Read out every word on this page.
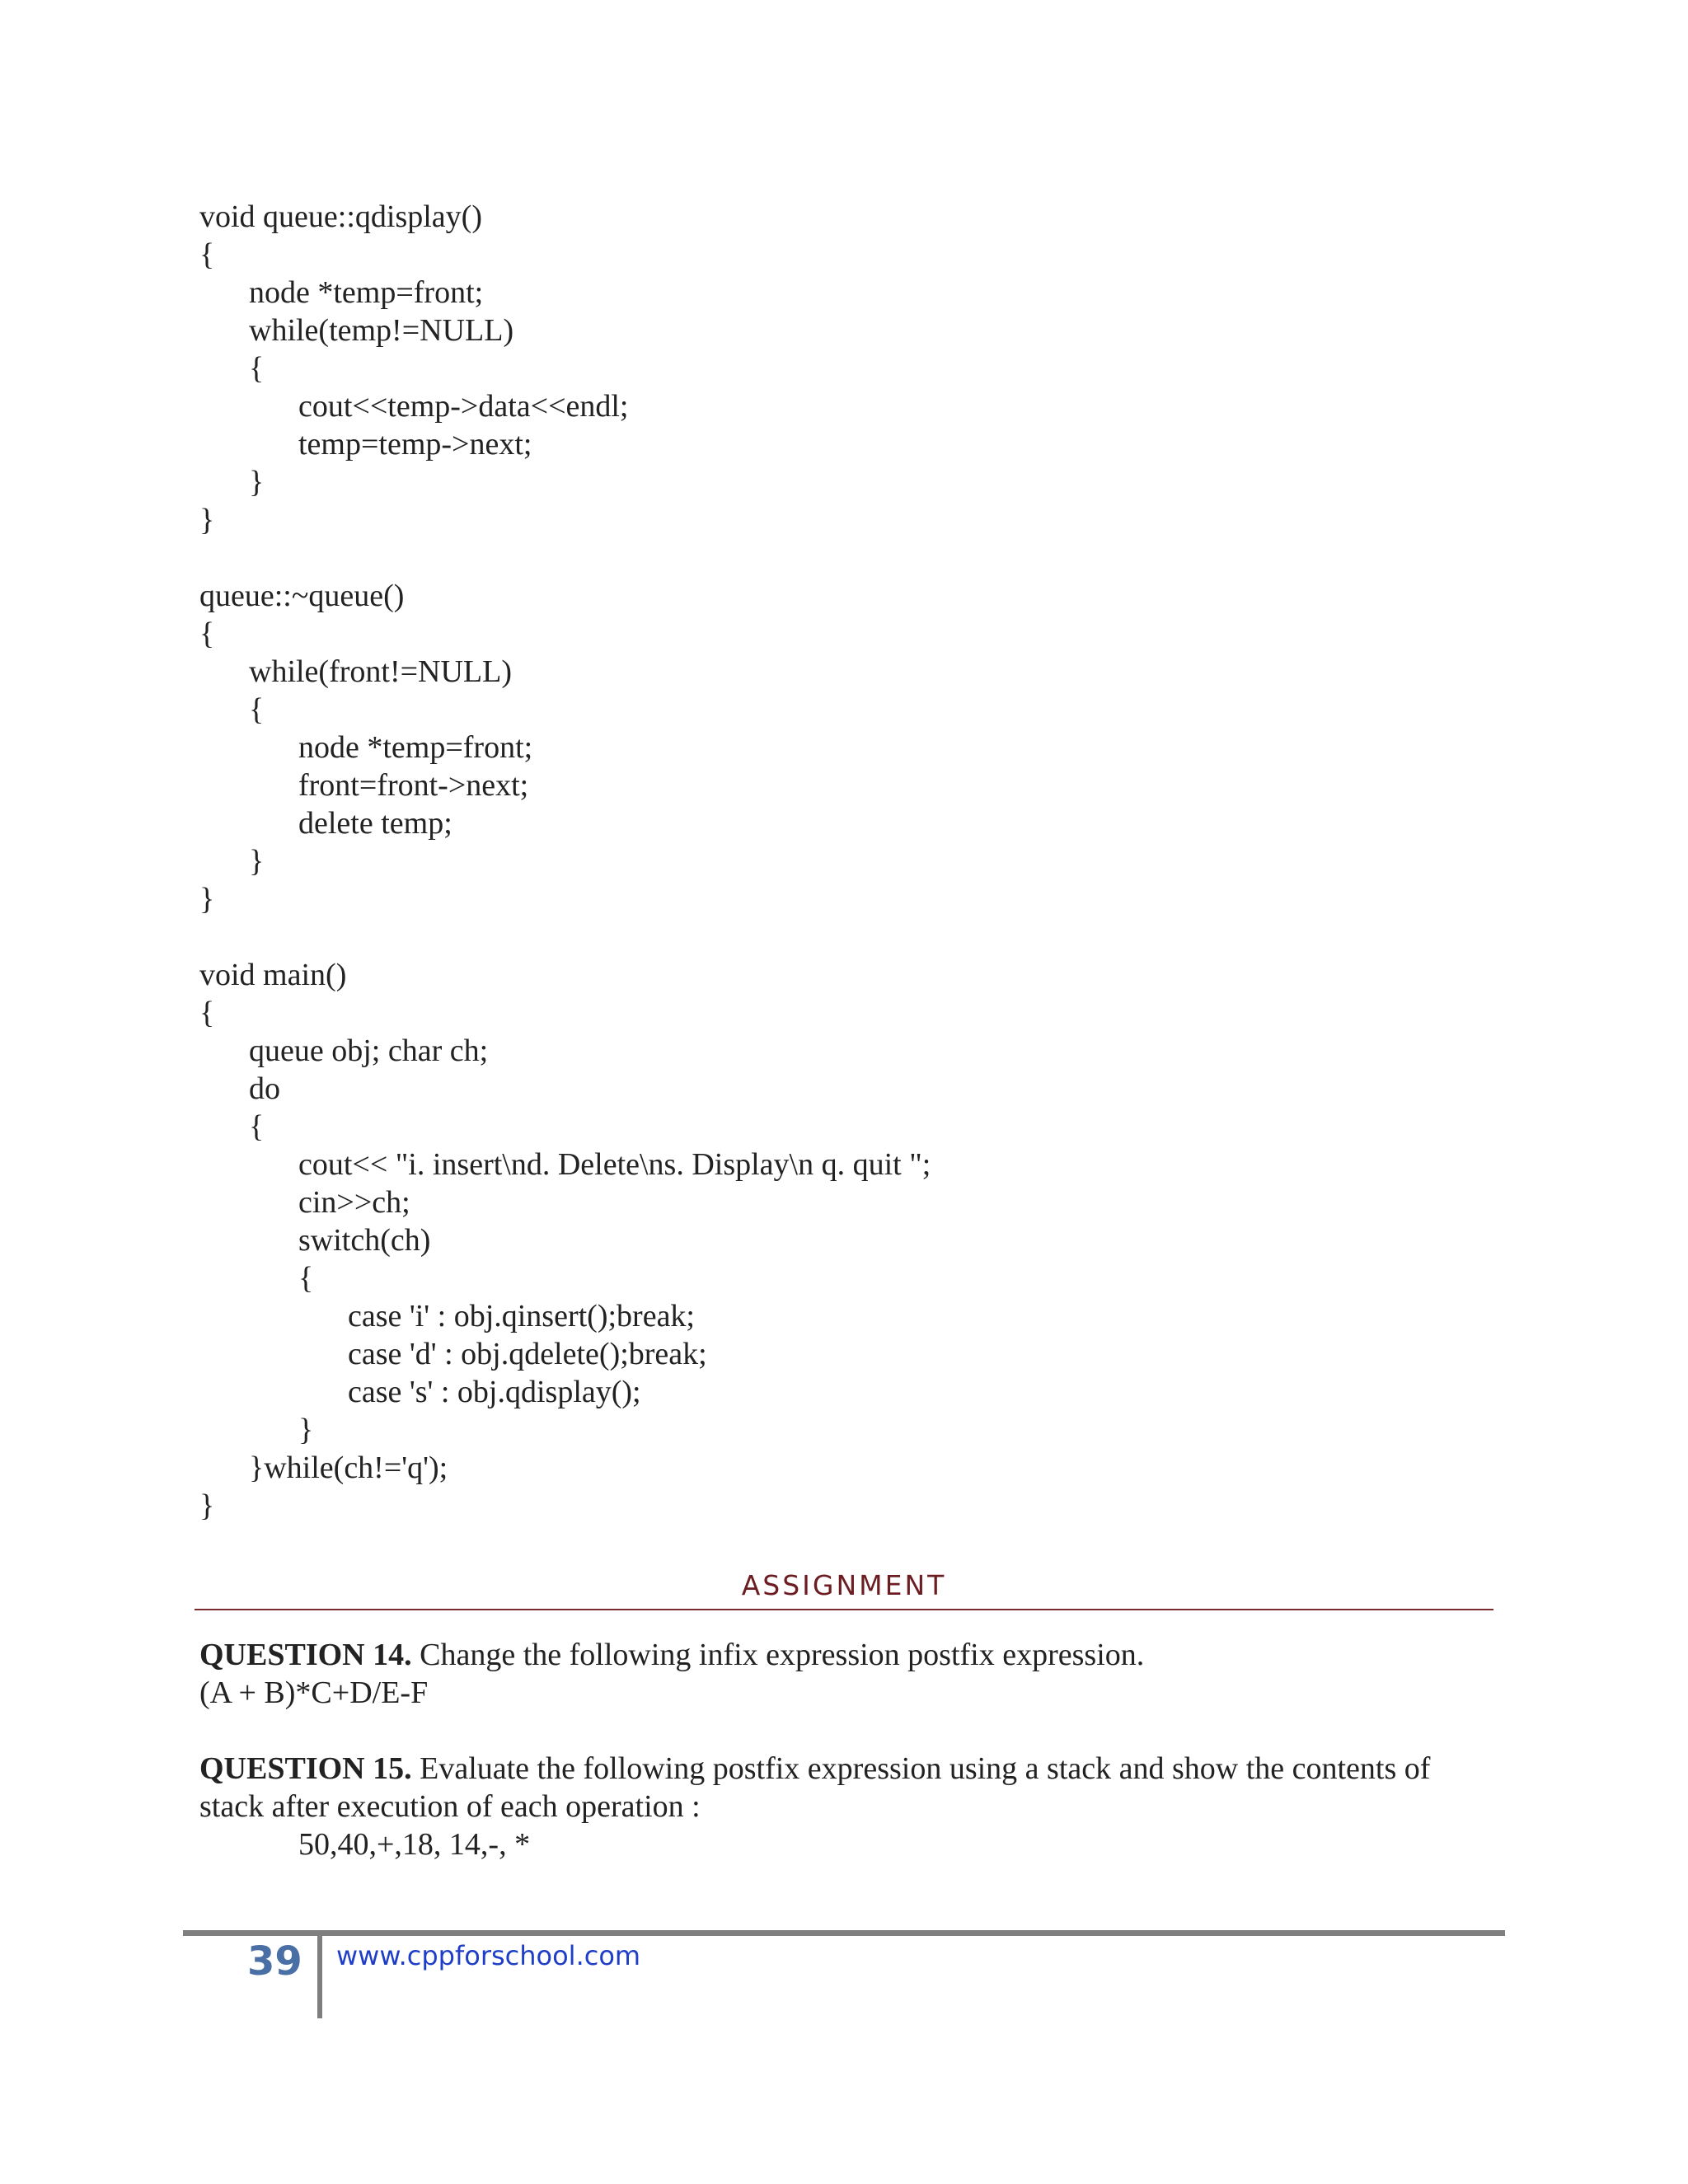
void queue::qdisplay()
{
node *temp=front;
while(temp!=NULL)
{
cout<<temp->data<<endl;
temp=temp->next;
}
}
queue::~queue()
{
while(front!=NULL)
{
node *temp=front;
front=front->next;
delete temp;
}
}
void main()
{
queue obj; char ch;
do
{
cout<< "i. insert\nd. Delete\ns. Display\n q. quit ";
cin>>ch;
switch(ch)
{
case 'i' : obj.qinsert();break;
case 'd' : obj.qdelete();break;
case 's' : obj.qdisplay();
}
}while(ch!='q');
}
ASSIGNMENT
QUESTION 14. Change the following infix expression postfix expression.
(A + B)*C+D/E-F
QUESTION 15. Evaluate the following postfix expression using a stack and show the contents of stack after execution of each operation :
50,40,+,18, 14,-, *
39 www.cppforschool.com
